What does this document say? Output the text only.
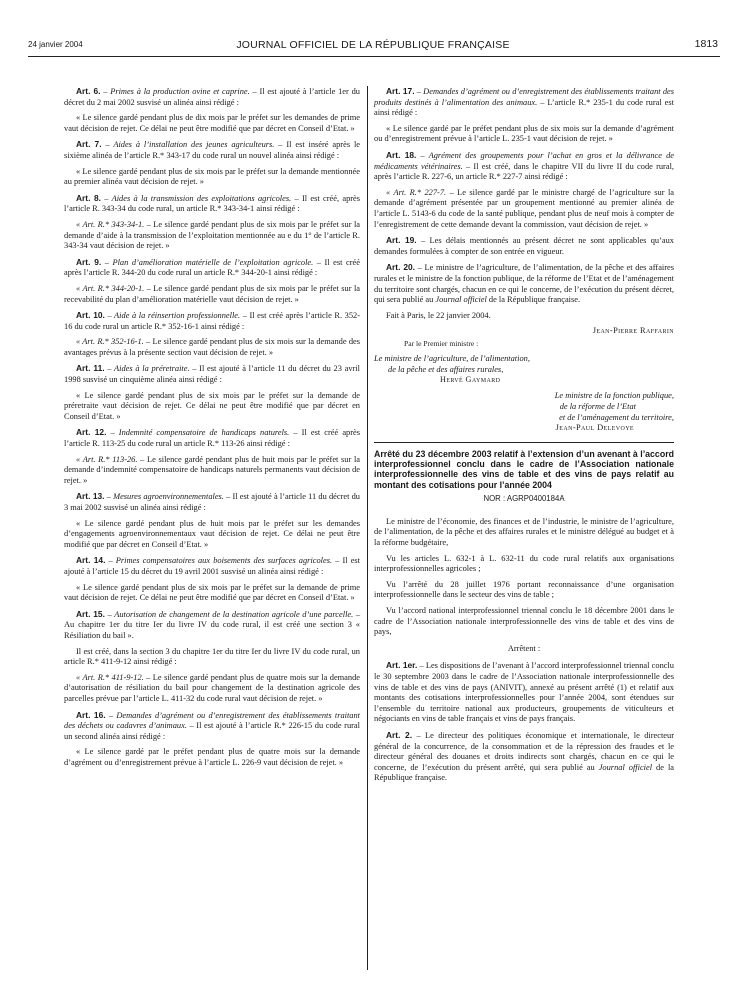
24 janvier 2004	JOURNAL OFFICIEL DE LA RÉPUBLIQUE FRANÇAISE	1813

Art. 6. – Primes à la production ovine et caprine. – Il est ajouté à l’article 1er du décret du 2 mai 2002 susvisé un alinéa ainsi rédigé :

« Le silence gardé pendant plus de dix mois par le préfet sur les demandes de prime vaut décision de rejet. Ce délai ne peut être modifié que par décret en Conseil d’Etat. »

Art. 7. – Aides à l’installation des jeunes agriculteurs. – Il est inséré après le sixième alinéa de l’article R.* 343-17 du code rural un nouvel alinéa ainsi rédigé :

« Le silence gardé pendant plus de six mois par le préfet sur la demande mentionnée au premier alinéa vaut décision de rejet. »

Art. 8. – Aides à la transmission des exploitations agricoles. – Il est créé, après l’article R. 343-34 du code rural, un article R.* 343-34-1 ainsi rédigé :

« Art. R.* 343-34-1. – Le silence gardé pendant plus de six mois par le préfet sur la demande d’aide à la transmission de l’exploitation mentionnée au e du 1° de l’article R. 343-34 vaut décision de rejet. »

Art. 9. – Plan d’amélioration matérielle de l’exploitation agricole. – Il est créé après l’article R. 344-20 du code rural un article R.* 344-20-1 ainsi rédigé :

« Art. R.* 344-20-1. – Le silence gardé pendant plus de six mois par le préfet sur la recevabilité du plan d’amélioration matérielle vaut décision de rejet. »

Art. 10. – Aide à la réinsertion professionnelle. – Il est créé après l’article R. 352-16 du code rural un article R.* 352-16-1 ainsi rédigé :

« Art. R.* 352-16-1. – Le silence gardé pendant plus de six mois sur la demande des avantages prévus à la présente section vaut décision de rejet. »

Art. 11. – Aides à la préretraite. – Il est ajouté à l’article 11 du décret du 23 avril 1998 susvisé un cinquième alinéa ainsi rédigé :

« Le silence gardé pendant plus de six mois par le préfet sur la demande de préretraite vaut décision de rejet. Ce délai ne peut être modifié que par décret en Conseil d’Etat. »

Art. 12. – Indemnité compensatoire de handicaps naturels. – Il est créé après l’article R. 113-25 du code rural un article R.* 113-26 ainsi rédigé :

« Art. R.* 113-26. – Le silence gardé pendant plus de huit mois par le préfet sur la demande d’indemnité compensatoire de handicaps naturels permanents vaut décision de rejet. »

Art. 13. – Mesures agroenvironnementales. – Il est ajouté à l’article 11 du décret du 3 mai 2002 susvisé un alinéa ainsi rédigé :

« Le silence gardé pendant plus de huit mois par le préfet sur les demandes d’engagements agroenvironnementaux vaut décision de rejet. Ce délai ne peut être modifié que par décret en Conseil d’Etat. »

Art. 14. – Primes compensatoires aux boisements des surfaces agricoles. – Il est ajouté à l’article 15 du décret du 19 avril 2001 susvisé un alinéa ainsi rédigé :

« Le silence gardé pendant plus de six mois par le préfet sur la demande de prime vaut décision de rejet. Ce délai ne peut être modifié que par décret en Conseil d’Etat. »

Art. 15. – Autorisation de changement de la destination agricole d’une parcelle. – Au chapitre 1er du titre Ier du livre IV du code rural, il est créé une section 3 « Résiliation du bail ».

Il est créé, dans la section 3 du chapitre 1er du titre Ier du livre IV du code rural, un article R.* 411-9-12 ainsi rédigé :

« Art. R.* 411-9-12. – Le silence gardé pendant plus de quatre mois sur la demande d’autorisation de résiliation du bail pour changement de la destination agricole des parcelles prévue par l’article L. 411-32 du code rural vaut décision de rejet. »

Art. 16. – Demandes d’agrément ou d’enregistrement des établissements traitant des déchets ou cadavres d’animaux. – Il est ajouté à l’article R.* 226-15 du code rural un second alinéa ainsi rédigé :

« Le silence gardé par le préfet pendant plus de quatre mois sur la demande d’agrément ou d’enregistrement prévue à l’article L. 226-9 vaut décision de rejet. »

Art. 17. – Demandes d’agrément ou d’enregistrement des établissements traitant des produits destinés à l’alimentation des animaux. – L’article R.* 235-1 du code rural est ainsi rédigé :

« Le silence gardé par le préfet pendant plus de six mois sur la demande d’agrément ou d’enregistrement prévue à l’article L. 235-1 vaut décision de rejet. »

Art. 18. – Agrément des groupements pour l’achat en gros et la délivrance de médicaments vétérinaires. – Il est créé, dans le chapitre VII du livre II du code rural, après l’article R. 227-6, un article R.* 227-7 ainsi rédigé :

« Art. R.* 227-7. – Le silence gardé par le ministre chargé de l’agriculture sur la demande d’agrément présentée par un groupement mentionné au premier alinéa de l’article L. 5143-6 du code de la santé publique, pendant plus de neuf mois à compter de l’enregistrement de cette demande devant la commission, vaut décision de rejet. »

Art. 19. – Les délais mentionnés au présent décret ne sont applicables qu’aux demandes formulées à compter de son entrée en vigueur.

Art. 20. – Le ministre de l’agriculture, de l’alimentation, de la pêche et des affaires rurales et le ministre de la fonction publique, de la réforme de l’Etat et de l’aménagement du territoire sont chargés, chacun en ce qui le concerne, de l’exécution du présent décret, qui sera publié au Journal officiel de la République française.

Fait à Paris, le 22 janvier 2004.

Jean-Pierre Raffarin

Par le Premier ministre :

Le ministre de l’agriculture, de l’alimentation,

de la pêche et des affaires rurales,

Hervé Gaymard

Le ministre de la fonction publique,

de la réforme de l’Etat

et de l’aménagement du territoire,

Jean-Paul Delevoye

Arrêté du 23 décembre 2003 relatif à l’extension d’un avenant à l’accord interprofessionnel conclu dans le cadre de l’Association nationale interprofessionnelle des vins de table et des vins de pays relatif au montant des cotisations pour l’année 2004

NOR : AGRP0400184A

Le ministre de l’économie, des finances et de l’industrie, le ministre de l’agriculture, de l’alimentation, de la pêche et des affaires rurales et le ministre délégué au budget et à la réforme budgétaire,

Vu les articles L. 632-1 à L. 632-11 du code rural relatifs aux organisations interprofessionnelles agricoles ;

Vu l’arrêté du 28 juillet 1976 portant reconnaissance d’une organisation interprofessionnelle dans le secteur des vins de table ;

Vu l’accord national interprofessionnel triennal conclu le 18 décembre 2001 dans le cadre de l’Association nationale interprofessionnelle des vins de table et des vins de pays,

Arrêtent :

Art. 1er. – Les dispositions de l’avenant à l’accord interprofessionnel triennal conclu le 30 septembre 2003 dans le cadre de l’Association nationale interprofessionnelle des vins de table et des vins de pays (ANIVIT), annexé au présent arrêté (1) et relatif aux montants des cotisations interprofessionnelles pour l’année 2004, sont étendues sur l’ensemble du territoire national aux producteurs, groupements de viticulteurs et négociants en vins de table français et vins de pays français.

Art. 2. – Le directeur des politiques économique et internationale, le directeur général de la concurrence, de la consommation et de la répression des fraudes et le directeur général des douanes et droits indirects sont chargés, chacun en ce qui le concerne, de l’exécution du présent arrêté, qui sera publié au Journal officiel de la République française.
